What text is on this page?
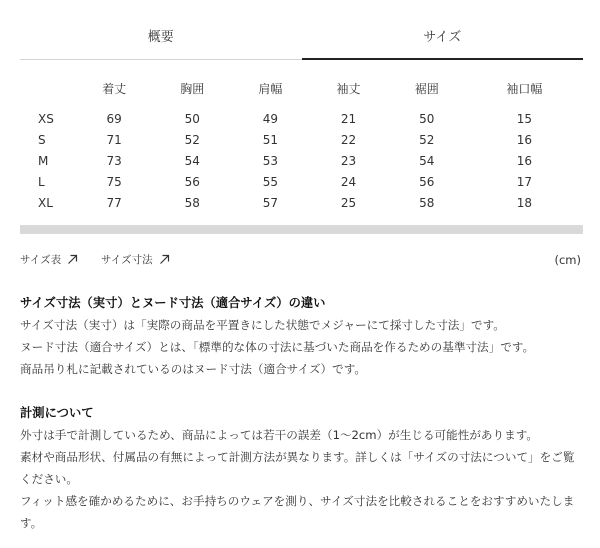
概要	サイズ
	着丈	胸囲	肩幅	袖丈	裾囲	袖口幅
XS	69	50	49	21	50	15
S	71	52	51	22	52	16
M	73	54	53	23	54	16
L	75	56	55	24	56	17
XL	77	58	57	25	58	18
サイズ表	サイズ寸法	(cm)
サイズ寸法（実寸）とヌード寸法（適合サイズ）の違い

サイズ寸法（実寸）は「実際の商品を平置きにした状態でメジャーにて採寸した寸法」です。

ヌード寸法（適合サイズ）とは、「標準的な体の寸法に基づいた商品を作るための基準寸法」です。

商品吊り札に記載されているのはヌード寸法（適合サイズ）です。

計測について

外寸は手で計測しているため、商品によっては若干の誤差（1〜2cm）が生じる可能性があります。

素材や商品形状、付属品の有無によって計測方法が異なります。詳しくは「サイズの寸法について」をご覧ください。

フィット感を確かめるために、お手持ちのウェアを測り、サイズ寸法を比較されることをおすすめいたします。
